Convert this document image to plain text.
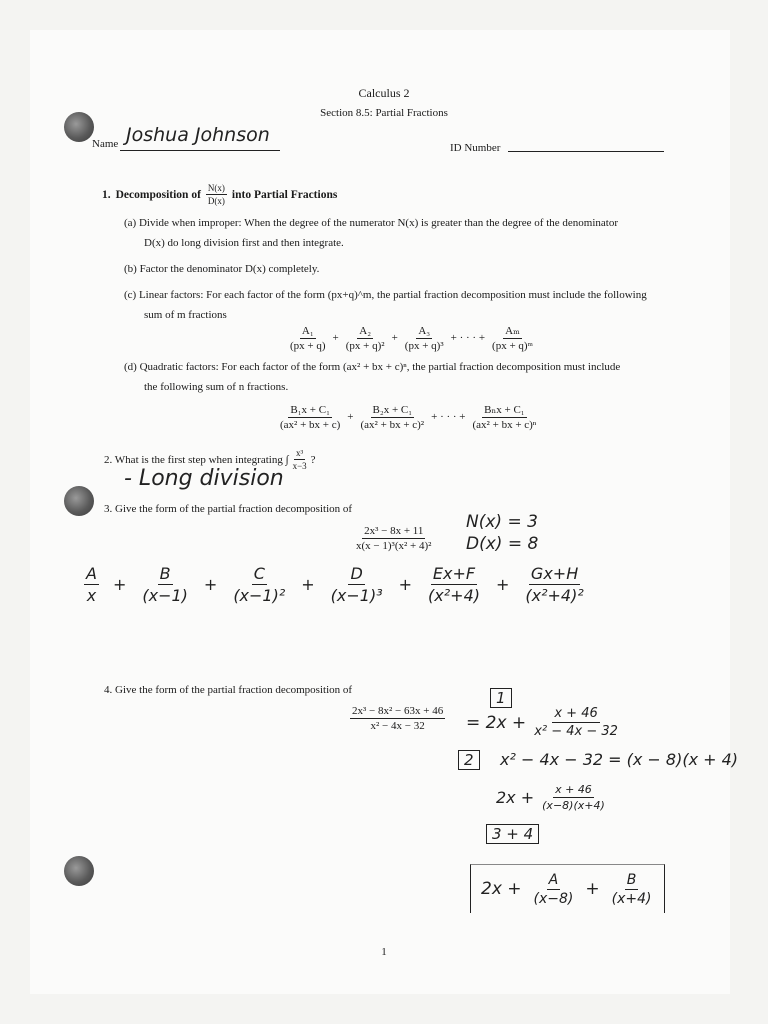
Calculus 2
Section 8.5: Partial Fractions
Name Joshua Johnson
ID Number
1. Decomposition of $\frac{N(x)}{D(x)}$ into Partial Fractions
(a) Divide when improper: When the degree of the numerator N(x) is greater than the degree of the denominator
D(x) do long division first and then integrate.
(b) Factor the denominator D(x) completely.
(c) Linear factors: For each factor of the form (px+q)^m, the partial fraction decomposition must include the following
sum of m fractions
$\frac{\text{A₁}}{(px + q)} + \frac{\text{A₂}}{\text{(px + q)²}} + \frac{\text{A₃}}{\text{(px + q)³}}$ + · · · + $\frac{\text{Aₘ}}{\text{(px + q)ᵐ}}$
(d) Quadratic factors: For each factor of the form (ax² + bx + c)ⁿ, the partial fraction decomposition must include
the following sum of n fractions.
$\frac{\text{B₁x + C₁}}{\text{(ax² + bx + c)}} + \frac{\text{B₂x + C₁}}{\text{(ax² + bx + c)²}}$ + · · · + $\frac{\text{Bₙx + C₁}}{\text{(ax² + bx + c)ⁿ}}$
2. What is the first step when integrating ∫ $\frac{\text{x³}}{x-3}$ ?
- Long division
3. Give the form of the partial fraction decomposition of
$\frac{\text{2x³ − 8x + 11}}{\text{x(x − 1)³(x² + 4)²}}$
N(x) = 3
D(x) = 8
$\frac{A}{x} + \frac{B}{(x-1)} + \frac{C}{\text{(x−1)²}} + \frac{D}{\text{(x−1)³}} + \frac{Ex+F}{\text{(x²+4)}} + \frac{Gx+H}{\text{(x²+4)²}}$
4. Give the form of the partial fraction decomposition of
$\frac{\text{2x³ − 8x² − 63x + 46}}{\text{x² − 4x − 32}}$
1
= $2x + \frac{x + 46}{\text{x² − 4x − 32}}$
2	x² − 4x − 32 = (x − 8)(x + 4)
$2x + \frac{x + 46}{(x-8)(x+4)}$
3 + 4
$2x + \frac{A}{(x-8)} + \frac{B}{(x+4)}$
1
